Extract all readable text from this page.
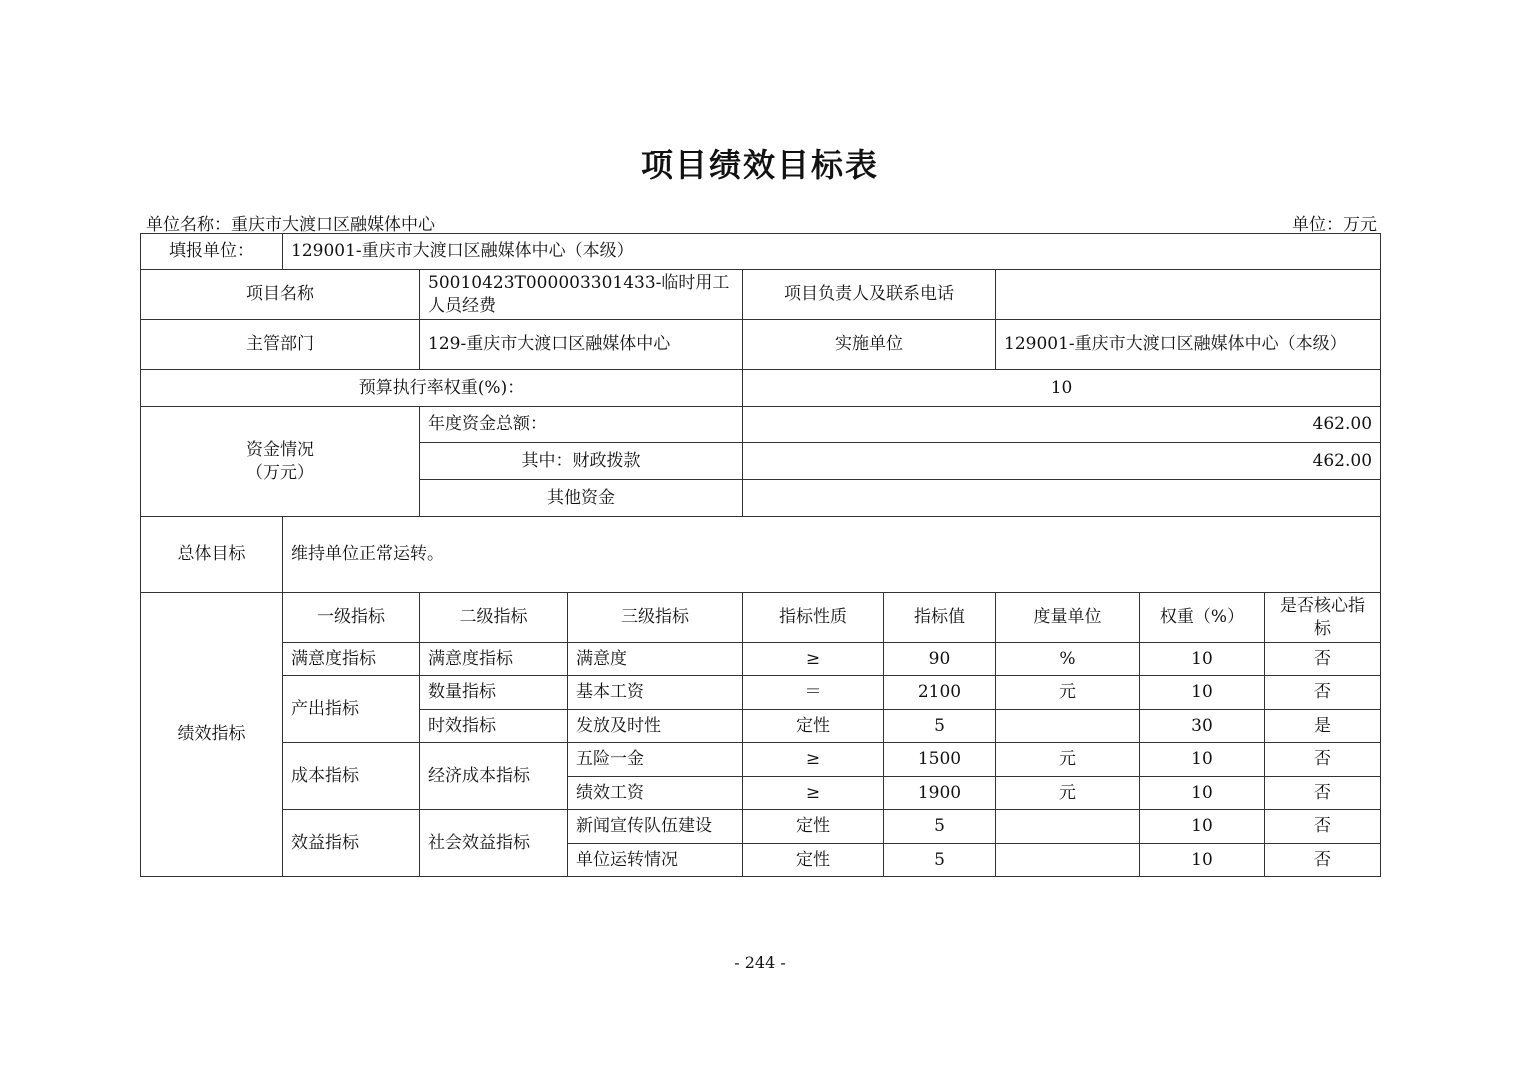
项目绩效目标表
单位名称：重庆市大渡口区融媒体中心	单位：万元
填报单位：	129001-重庆市大渡口区融媒体中心（本级）							
项目名称		50010423T000003301433-临时用工人员经费		项目负责人及联系电话				
主管部门		129-重庆市大渡口区融媒体中心		实施单位		129001-重庆市大渡口区融媒体中心（本级）		
预算执行率权重(%)：				10				

资金情况
（万元）		年度资金总额：		462.00				
		其中：财政拨款		462.00				
		其他资金						
总体目标	维持单位正常运转。							
绩效指标	一级指标	二级指标	三级指标	指标性质	指标值	度量单位	权重（%）	是否核心指标
	满意度指标	满意度指标	满意度	≥	90	%	10	否
	产出指标	数量指标	基本工资	＝	2100	元	10	否
		时效指标	发放及时性	定性	5		30	是
	成本指标	经济成本指标	五险一金	≥	1500	元	10	否
			绩效工资	≥	1900	元	10	否
	效益指标	社会效益指标	新闻宣传队伍建设	定性	5		10	否
			单位运转情况	定性	5		10	否
- 244 -
